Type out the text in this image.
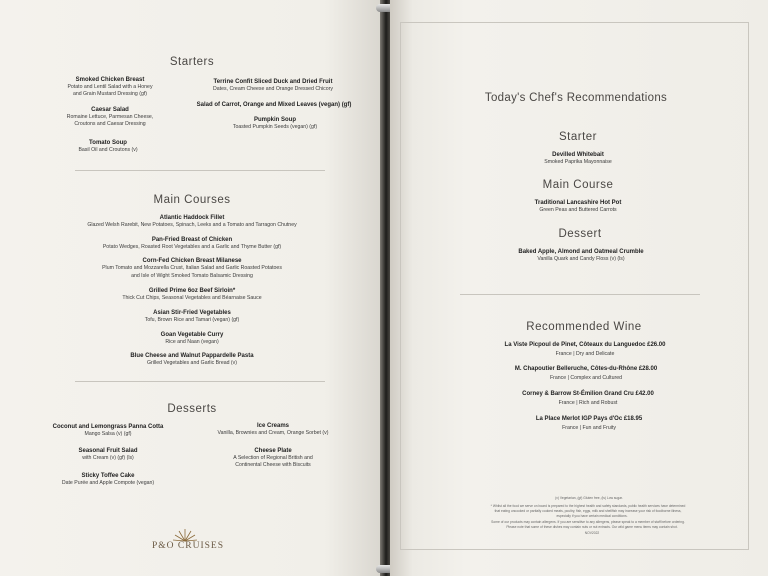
Starters
Smoked Chicken Breast
Potato and Lentil Salad with a Honey
and Grain Mustard Dressing (gf)
Terrine Confit Sliced Duck and Dried Fruit
Dates, Cream Cheese and Orange Dressed Chicory
Salad of Carrot, Orange and Mixed Leaves (vegan) (gf)
Caesar Salad
Romaine Lettuce, Parmesan Cheese,
Croutons and Caesar Dressing
Pumpkin Soup
Toasted Pumpkin Seeds (vegan) (gf)
Tomato Soup
Basil Oil and Croutons (v)
Main Courses
Atlantic Haddock Fillet
Glazed Welsh Rarebit, New Potatoes, Spinach, Leeks and a Tomato and Tarragon Chutney
Pan-Fried Breast of Chicken
Potato Wedges, Roasted Root Vegetables and a Garlic and Thyme Butter (gf)
Corn-Fed Chicken Breast Milanese
Plum Tomato and Mozzarella Crust, Italian Salad and Garlic Roasted Potatoes
and Isle of Wight Smoked Tomato Balsamic Dressing
Grilled Prime 6oz Beef Sirloin*
Thick Cut Chips, Seasonal Vegetables and Béarnaise Sauce
Asian Stir-Fried Vegetables
Tofu, Brown Rice and Tamari (vegan) (gf)
Goan Vegetable Curry
Rice and Naan (vegan)
Blue Cheese and Walnut Pappardelle Pasta
Grilled Vegetables and Garlic Bread (v)
Desserts
Coconut and Lemongrass Panna Cotta
Mango Salsa (v) (gf)
Ice Creams
Vanilla, Brownies and Cream, Orange Sorbet (v)
Seasonal Fruit Salad
with Cream (v) (gf) (ls)
Cheese Plate
A Selection of Regional British and
Continental Cheese with Biscuits
Sticky Toffee Cake
Date Purée and Apple Compote (vegan)
P&O CRUISES
Today's Chef's Recommendations
Starter
Devilled Whitebait
Smoked Paprika Mayonnaise
Main Course
Traditional Lancashire Hot Pot
Green Peas and Buttered Carrots
Dessert
Baked Apple, Almond and Oatmeal Crumble
Vanilla Quark and Candy Floss (v) (ls)
Recommended Wine
La Viste Picpoul de Pinet, Côteaux du Languedoc £26.00
France | Dry and Delicate
M. Chapoutier Belleruche, Côtes-du-Rhône £28.00
France | Complex and Cultured
Corney & Barrow St-Émilion Grand Cru £42.00
France | Rich and Robust
La Place Merlot IGP Pays d'Oc £18.95
France | Fun and Fruity
(v) Vegetarian, (gf) Gluten free, (ls) Low sugar.
* Whilst all the food we serve on board is prepared to the highest health and safety standards, public health services have determined
that eating uncooked or partially cooked meats, poultry, fish, eggs, milk and shellfish may increase your risk of foodborne illness,
especially if you have certain medical conditions.
Some of our products may contain allergens. If you are sensitive to any allergens, please speak to a member of staff before ordering.
Please note that some of these dishes may contain nuts or nut extracts. Our wild game menu items may contain shot.
NOV2022
